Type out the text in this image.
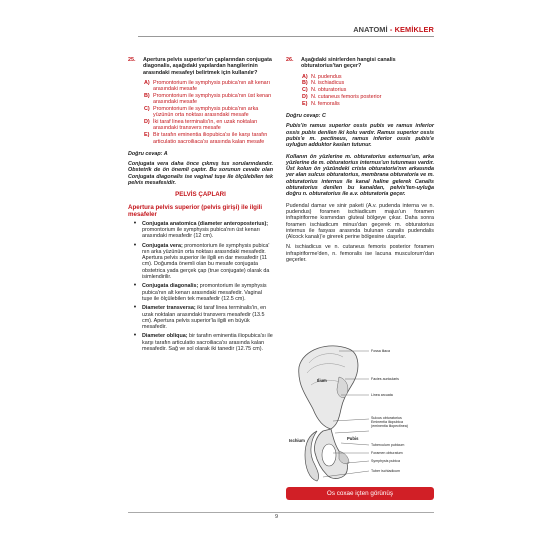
ANATOMİ - KEMİKLER
25.	Apertura pelvis superior'un çaplarından conjugata diagonalis, aşağıdaki yapılardan hangilerinin arasındaki mesafeyi belirtmek için kullanılır?
A) Promontorium ile symphysis pubica'nın alt kenarı arasındaki mesafe
B) Promontorium ile symphysis pubica'nın üst kenarı arasındaki mesafe
C) Promontorium ile symphysis pubica'nın arka yüzünün orta noktası arasındaki mesafe
D) İki taraf linea terminalis'in, en uzak noktaları arasındaki transvers mesafe
E) Bir tarafın eminentia iliopubica'sı ile karşı tarafın articulatio sacroiliaca'sı arasında kalan mesafe
Doğru cevap: A
Conjugata vera daha önce çıkmış tus sorularındandır. Obstetrik de ön önemli çaptır. Bu sorunun cevabı olan Conjugata diagonalis ise vaginal tuşe ile ölçülebilen tek pelvis mesafesidir.
PELVİS ÇAPLARI
Apertura pelvis superior (pelvis girişi) ile ilgili mesafeler
•	Conjugata anatomica (diameter anteroposterius); promontorium ile symphysis pubica'nın üst kenarı arasındaki mesafedir (12 cm).
•	Conjugata vera; promontorium ile symphysis pubica' nın arka yüzünün orta noktası arasındaki mesafedir. Apertura pelvis superior ile ilgili en dar mesafedir (11 cm). Doğumda önemli olan bu mesafe conjugata obstetrica yada gerçek çap (true conjugate) olarak da isimlendirilir.
•	Conjugata diagonalis; promontorium ile symphysis pubica'nın alt kenarı arasındaki mesafedir. Vaginal tuşe ile ölçülebilen tek mesafedir (12.5 cm).
•	Diameter transversa; iki taraf linea terminalis'in, en uzak noktaları arasındaki transvers mesafedir (13.5 cm). Apertura pelvis superior'la ilgili en büyük mesafedir.
•	Diameter obliqua; bir tarafın eminentia iliopubica'sı ile karşı tarafın articulatio sacroiliaca'sı arasında kalan mesafedir. Sağ ve sol olarak iki tanedir (12.75 cm).
26.	Aşağıdaki sinirlerden hangisi canalis obturatorius'tan geçer?
A) N. pudendus
B) N. ischiadicus
C) N. obturatorius
D) N. cutaneus femoris posterior
E) N. femoralis
Doğru cevap: C
Pubis'in ramus superior ossis pubis ve ramus inferior ossis pubis denilen iki kolu vardır. Ramus superior ossis pubis'e m. pectineus, ramus inferior ossis pubis'e uyluğun adduktor kasları tutunur.
Kollanın ön yüzlerine m. obturatorius externus'un, arka yüzlerine de m. obturatorius internus'un tutunması vardır. Üst kolun ön yüzündeki crista obturatoria'nın arkasında yer alan sulcus obturatorius, membrana obturatoria ve m. obturatorius internus ile kanal haline gelerek Canalis obturatorius denilen bu kanaldan, pelvis'ten-uyluğa doğru n. obturatorius ile a.v. obturatoria geçer.
Pudendal damar ve sinir paketi (A.v. pudenda interna ve n. pudendus) foramen ischiadicum majus'un foramen infrapiriforme kısmından gluteal bölgeye çıkar. Daha sonra foramen ischiadicum minus'dan geçerek m. obturatorius internus ile fasyası arasında bulunan canalis pudendalis (Alcock kanalı)'e girerek perine bölgesine ulaşırlar.
N. ischiadicus ve n. cutaneus femoris posterior foramen infrapiriforme'den, n. femoralis ise lacuna musculorum'dan geçerler.
Fossa iliaca
Ilium	Facies auricularis
Linea arcuata
Sulcus obturatorius
Eminentia iliopubica
(eminentia iliopectinea)
Pubis
Tuberculum pubicum
Foramen obturatum
Symphysis pubica
Ischium
Tuber ischiadicum
Os coxae içten görünüş
9
